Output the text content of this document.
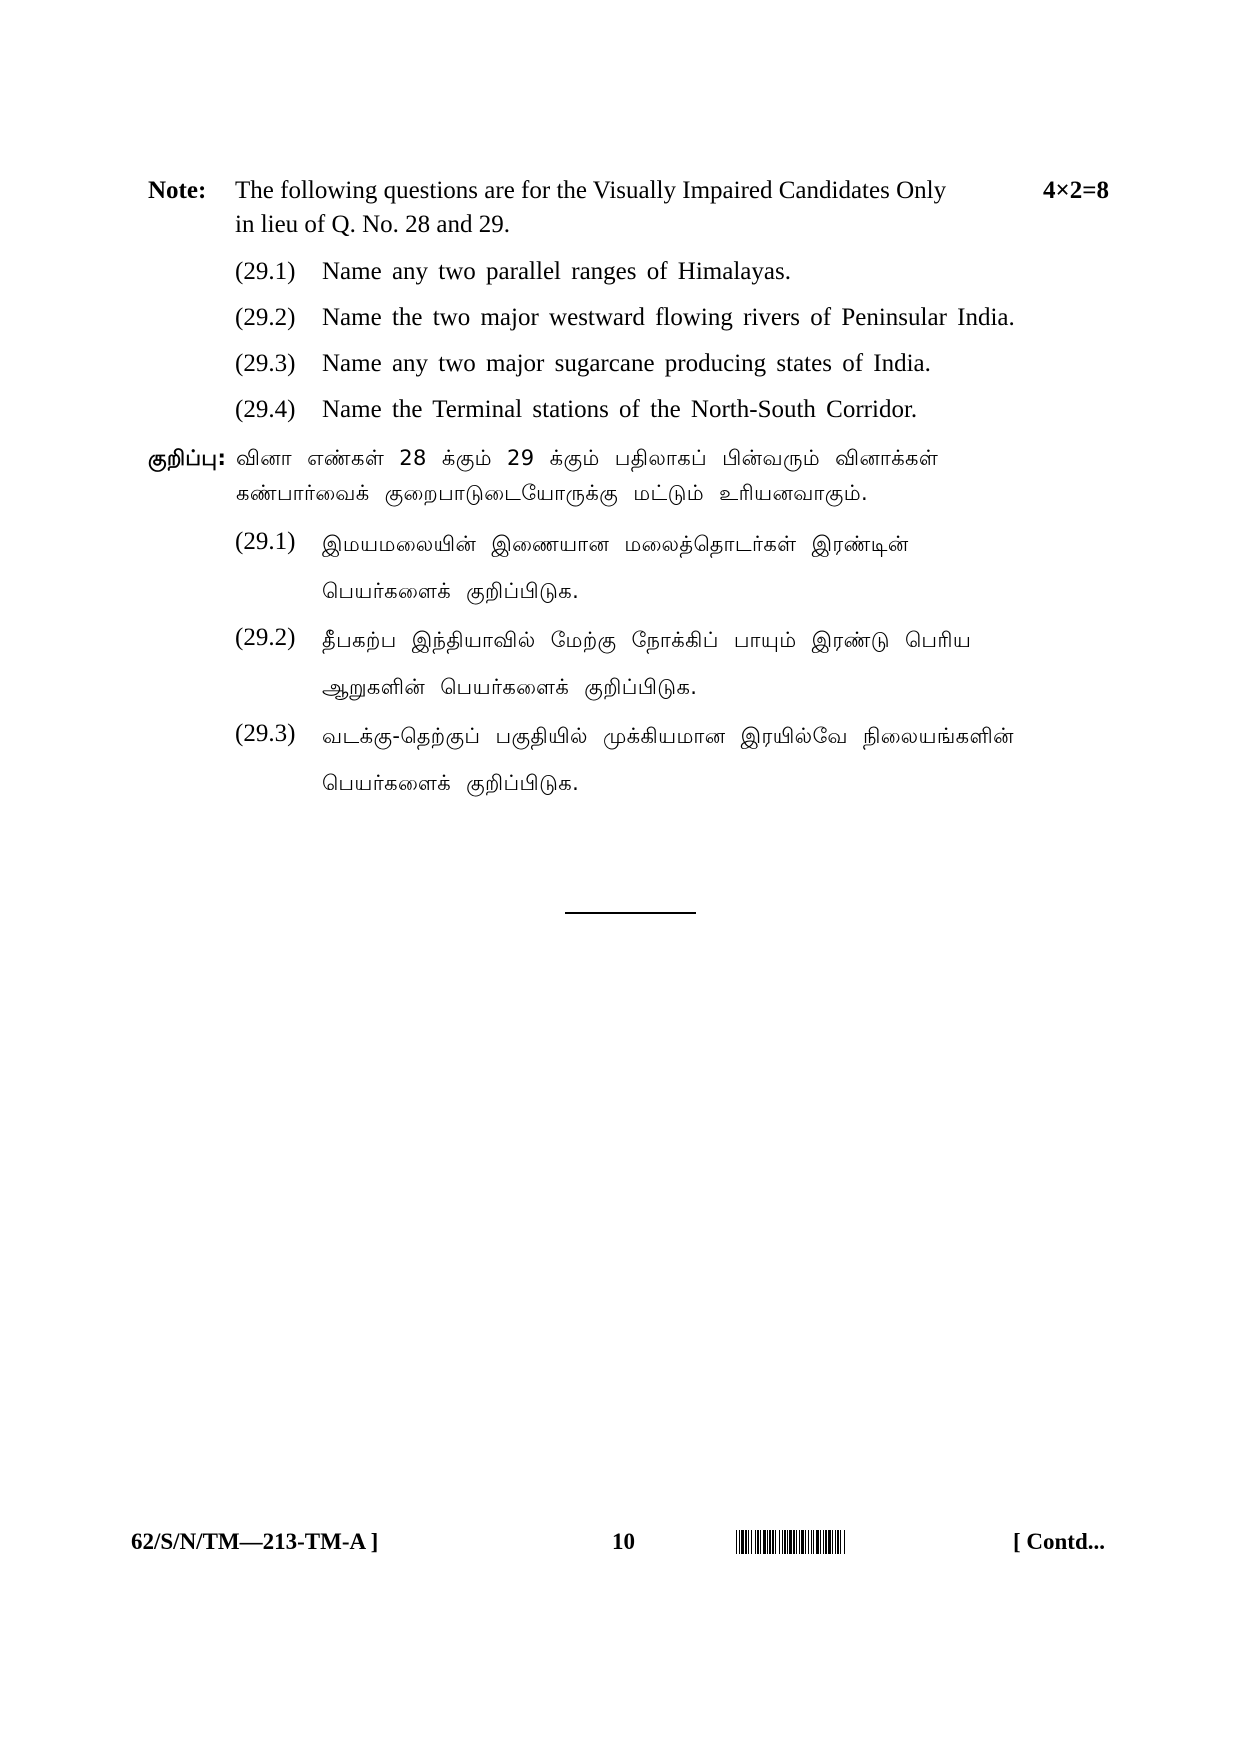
Note: The following questions are for the Visually Impaired Candidates Only	4×2=8
in lieu of Q. No. 28 and 29.
(29.1) Name any two parallel ranges of Himalayas.
(29.2) Name the two major westward flowing rivers of Peninsular India.
(29.3) Name any two major sugarcane producing states of India.
(29.4) Name the Terminal stations of the North-South Corridor.
குறிப்பு: வினா எண்கள் 28 க்கும் 29 க்கும் பதிலாகப் பின்வரும் வினாக்கள்
கண்பார்வைக் குறைபாடுடையோருக்கு மட்டும் உரியனவாகும்.
(29.1) இமயமலையின் இணையான மலைத்தொடர்கள் இரண்டின்
பெயர்களைக் குறிப்பிடுக.
(29.2) தீபகற்ப இந்தியாவில் மேற்கு நோக்கிப் பாயும் இரண்டு பெரிய
ஆறுகளின் பெயர்களைக் குறிப்பிடுக.
(29.3) வடக்கு-தெற்குப் பகுதியில் முக்கியமான இரயில்வே நிலையங்களின்
பெயர்களைக் குறிப்பிடுக.
62/S/N/TM—213-TM-A ]	10	[ Contd...
